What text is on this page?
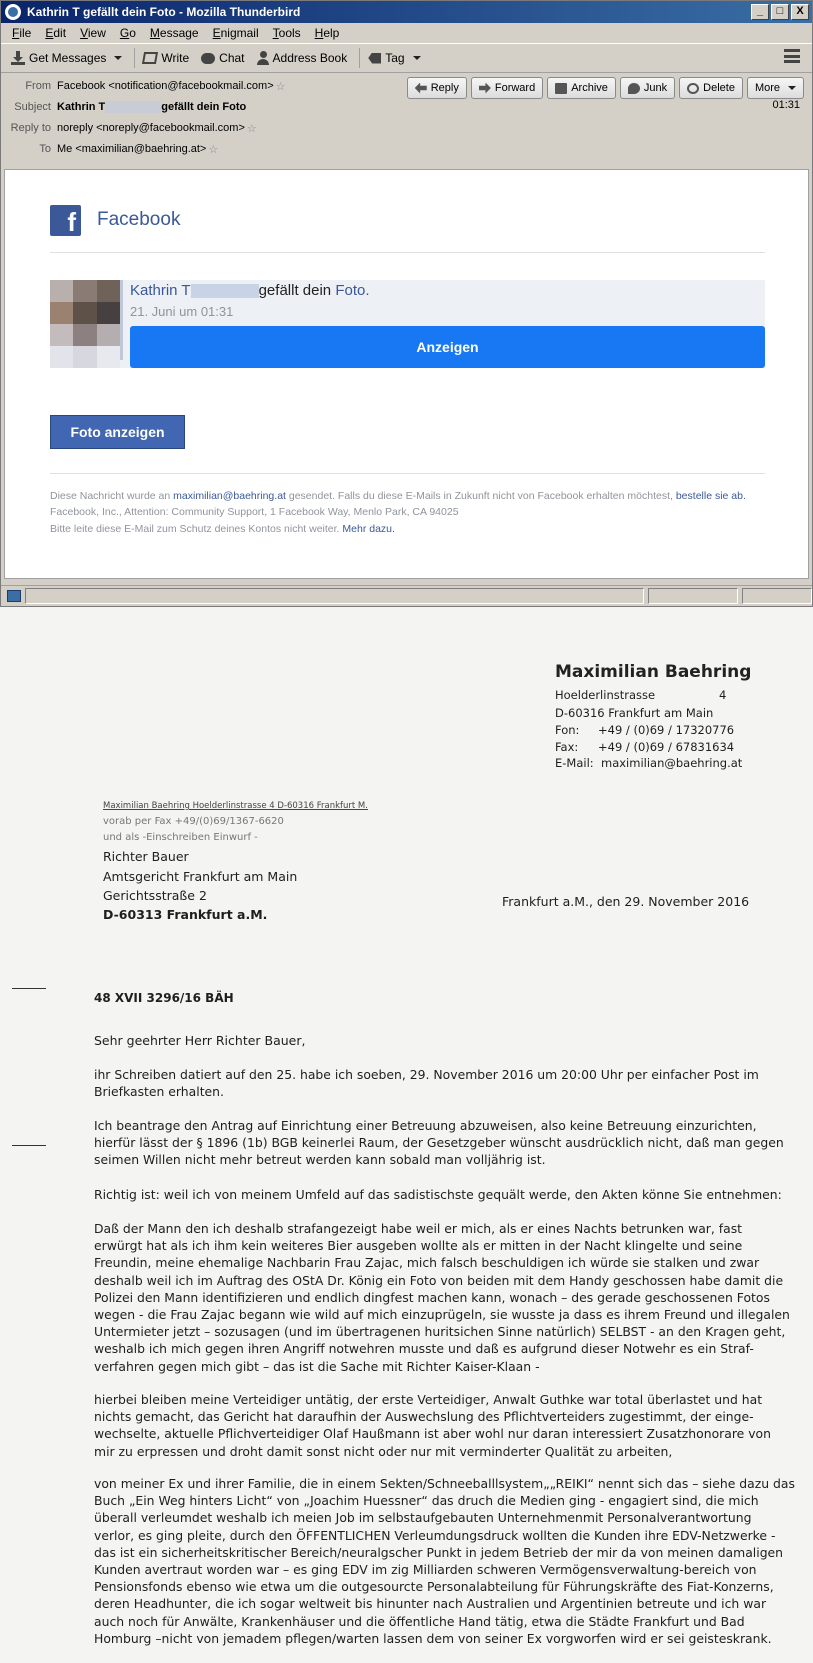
Kathrin T gefällt dein Foto - Mozilla Thunderbird	_	□	X
File	Edit	View	Go	Message	Enigmail	Tools	Help
Get Messages	Write	Chat Address Book	Tag
From Facebook <notification@facebookmail.com> ☆
Subject Kathrin T	gefällt dein Foto
Reply to noreply <noreply@facebookmail.com> ☆
To Me <maximilian@baehring.at> ☆
Reply	Forward	Archive	Junk	Delete More
01:31
f Facebook
Kathrin T	gefällt dein Foto.
21. Juni um 01:31
Anzeigen
Foto anzeigen
Diese Nachricht wurde an maximilian@baehring.at gesendet. Falls du diese E-Mails in Zukunft nicht von Facebook erhalten möchtest, bestelle sie ab.
Facebook, Inc., Attention: Community Support, 1 Facebook Way, Menlo Park, CA 94025
Bitte leite diese E-Mail zum Schutz deines Kontos nicht weiter. Mehr dazu.
Maximilian Baehring
Hoelderlinstrasse	4
D-60316 Frankfurt am Main
Fon: +49 / (0)69 / 17320776
Fax: +49 / (0)69 / 67831634
E-Mail: maximilian@baehring.at
Maximilian Baehring Hoelderlinstrasse 4 D-60316 Frankfurt M.
vorab per Fax +49/(0)69/1367-6620
und als -Einschreiben Einwurf -
Richter Bauer
Amtsgericht Frankfurt am Main
Gerichtsstraße 2
D-60313 Frankfurt a.M.
Frankfurt a.M., den 29. November 2016
48 XVII 3296/16 BÄH
Sehr geehrter Herr Richter Bauer,
ihr Schreiben datiert auf den 25. habe ich soeben, 29. November 2016 um 20:00 Uhr per einfacher Post im
Briefkasten erhalten.
Ich beantrage den Antrag auf Einrichtung einer Betreuung abzuweisen, also keine Betreuung einzurichten,
hierfür lässt der § 1896 (1b) BGB keinerlei Raum, der Gesetzgeber wünscht ausdrücklich nicht, daß man gegen
seimen Willen nicht mehr betreut werden kann sobald man volljährig ist.
Richtig ist: weil ich von meinem Umfeld auf das sadistischste gequält werde, den Akten könne Sie entnehmen:
Daß der Mann den ich deshalb strafangezeigt habe weil er mich, als er eines Nachts betrunken war, fast
erwürgt hat als ich ihm kein weiteres Bier ausgeben wollte als er mitten in der Nacht klingelte und seine
Freundin, meine ehemalige Nachbarin Frau Zajac, mich falsch beschuldigen ich würde sie stalken und zwar
deshalb weil ich im Auftrag des OStA Dr. König ein Foto von beiden mit dem Handy geschossen habe damit die
Polizei den Mann identifizieren und endlich dingfest machen kann, wonach – des gerade geschossenen Fotos
wegen - die Frau Zajac begann wie wild auf mich einzuprügeln, sie wusste ja dass es ihrem Freund und illegalen
Untermieter jetzt – sozusagen (und im übertragenen huritsichen Sinne natürlich) SELBST - an den Kragen geht,
weshalb ich mich gegen ihren Angriff notwehren musste und daß es aufgrund dieser Notwehr es ein Straf-
verfahren gegen mich gibt – das ist die Sache mit Richter Kaiser-Klaan -
hierbei bleiben meine Verteidiger untätig, der erste Verteidiger, Anwalt Guthke war total überlastet und hat
nichts gemacht, das Gericht hat daraufhin der Auswechslung des Pflichtverteiders zugestimmt, der einge-
wechselte, aktuelle Pflichverteidiger Olaf Haußmann ist aber wohl nur daran interessiert Zusatzhonorare von
mir zu erpressen und droht damit sonst nicht oder nur mit verminderter Qualität zu arbeiten,
von meiner Ex und ihrer Familie, die in einem Sekten/Schneeballlsystem„„REIKI“ nennt sich das – siehe dazu das
Buch „Ein Weg hinters Licht“ von „Joachim Huessner“ das druch die Medien ging - engagiert sind, die mich
überall verleumdet weshalb ich meien Job im selbstaufgebauten Unternehmenmit Personalverantwortung
verlor, es ging pleite, durch den ÖFFENTLICHEN Verleumdungsdruck wollten die Kunden ihre EDV-Netzwerke -
das ist ein sicherheitskritischer Bereich/neuralgscher Punkt in jedem Betrieb der mir da von meinen damaligen
Kunden avertraut worden war – es ging EDV im zig Milliarden schweren Vermögensverwaltung-bereich von
Pensionsfonds ebenso wie etwa um die outgesourcte Personalabteilung für Führungskräfte des Fiat-Konzerns,
deren Headhunter, die ich sogar weltweit bis hinunter nach Australien und Argentinien betreute und ich war
auch noch für Anwälte, Krankenhäuser und die öffentliche Hand tätig, etwa die Städte Frankfurt und Bad
Homburg –nicht von jemadem pflegen/warten lassen dem von seiner Ex vorgworfen wird er sei geisteskrank.
